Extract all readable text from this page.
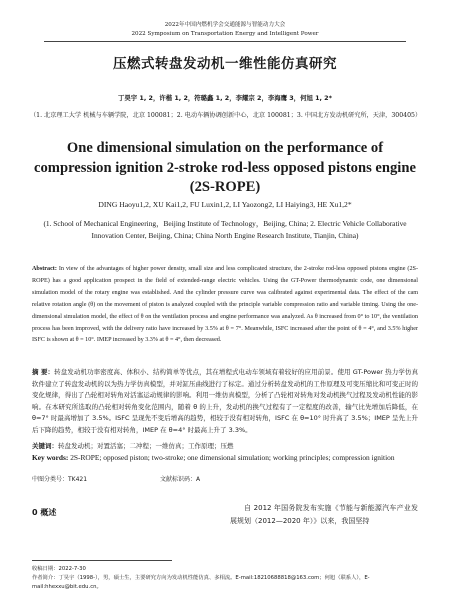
2022年中国内燃机学会交通能源与智能动力大会
2022 Symposium on Transportation Energy and Intelligent Power
压燃式转盘发动机一维性能仿真研究
丁昊宇 1, 2，许楷 1, 2，符璐鑫 1, 2，李耀宗 2，李海鹰 3，何旭 1, 2*
（1. 北京理工大学 机械与车辆学院，北京 100081；2. 电动车辆协调创新中心，北京 100081；3. 中国北方发动机研究所，天津，300405）
One dimensional simulation on the performance of compression ignition 2-stroke rod-less opposed pistons engine (2S-ROPE)
DING Haoyu1,2, XU Kai1,2, FU Luxin1,2, LI Yaozong2, LI Haiying3, HE Xu1,2*
(1. School of Mechanical Engineering，Beijing Institute of Technology，Beijing, China; 2. Electric Vehicle Collaborative Innovation Center, Beijing, China; China North Engine Research Institute, Tianjin, China)
Abstract: In view of the advantages of higher power density, small size and less complicated structure, the 2-stroke rod-less opposed pistons engine (2S-ROPE) has a good application prospect in the field of extended-range electric vehicles. Using the GT-Power thermodynamic code, one dimensional simulation model of the rotary engine was established. And the cylinder pressure curve was calibrated against experimental data. The effect of the cam relative rotation angle (θ) on the movement of piston is analyzed coupled with the principle variable compression ratio and variable timing. Using the one-dimensional simulation model, the effect of θ on the ventilation process and engine performance was analyzed. As θ increased from 0° to 10°, the ventilation process has been improved, with the delivery ratio have increased by 3.5% at θ = 7°. Meanwhile, ISFC increased after the point of θ = 4°, and 3.5% higher ISFC is shown at θ = 10°. IMEP increased by 3.3% at θ = 4°, then decreased.
摘 要：转盘发动机功率密度高、体积小、结构简单等优点，其在增程式电动车领域有着较好的应用前景。使用 GT-Power 热力学仿真软件建立了转盘发动机的以为热力学仿真模型，并对缸压曲线进行了标定。通过分析转盘发动机的工作原理及可变压缩比和可变正时的变化规律，得出了凸轮相对转角对活塞运动规律的影响。利用一维仿真模型，分析了凸轮相对转角对发动机换气过程及发动机性能的影响。在本研究所选取的凸轮相对转角变化范围内，随着 θ 的上升，发动机的换气过程有了一定程度的改善，输气比先增加后降低，在 θ=7° 时最高增加了 3.5%。ISFC 呈现先不变后增高的趋势，相较于没有相对转角，ISFC 在 θ=10° 时升高了 3.5%；IMEP 呈先上升后下降的趋势，相较于没有相对转角，IMEP 在 θ=4° 时最高上升了 3.3%。
关键词：转盘发动机；对置活塞；二冲程；一维仿真；工作原理；压燃
Key words: 2S-ROPE; opposed piston; two-stroke; one dimensional simulation; working principles; compression ignition
中图分类号：TK421	文献标识码：A
0 概述	自 2012 年国务院发布实施《节能与新能源汽车产业发展规划（2012—2020 年）》以来，我国坚持
收稿日期：2022-7-30
作者简介：丁昊宇（1998-），男，硕士生，主要研究方向为发动机性能仿真、多相流。E-mail:18210688818@163.com；何旭（联系人），E-mail:hhexxu@bit.edu.cn。
